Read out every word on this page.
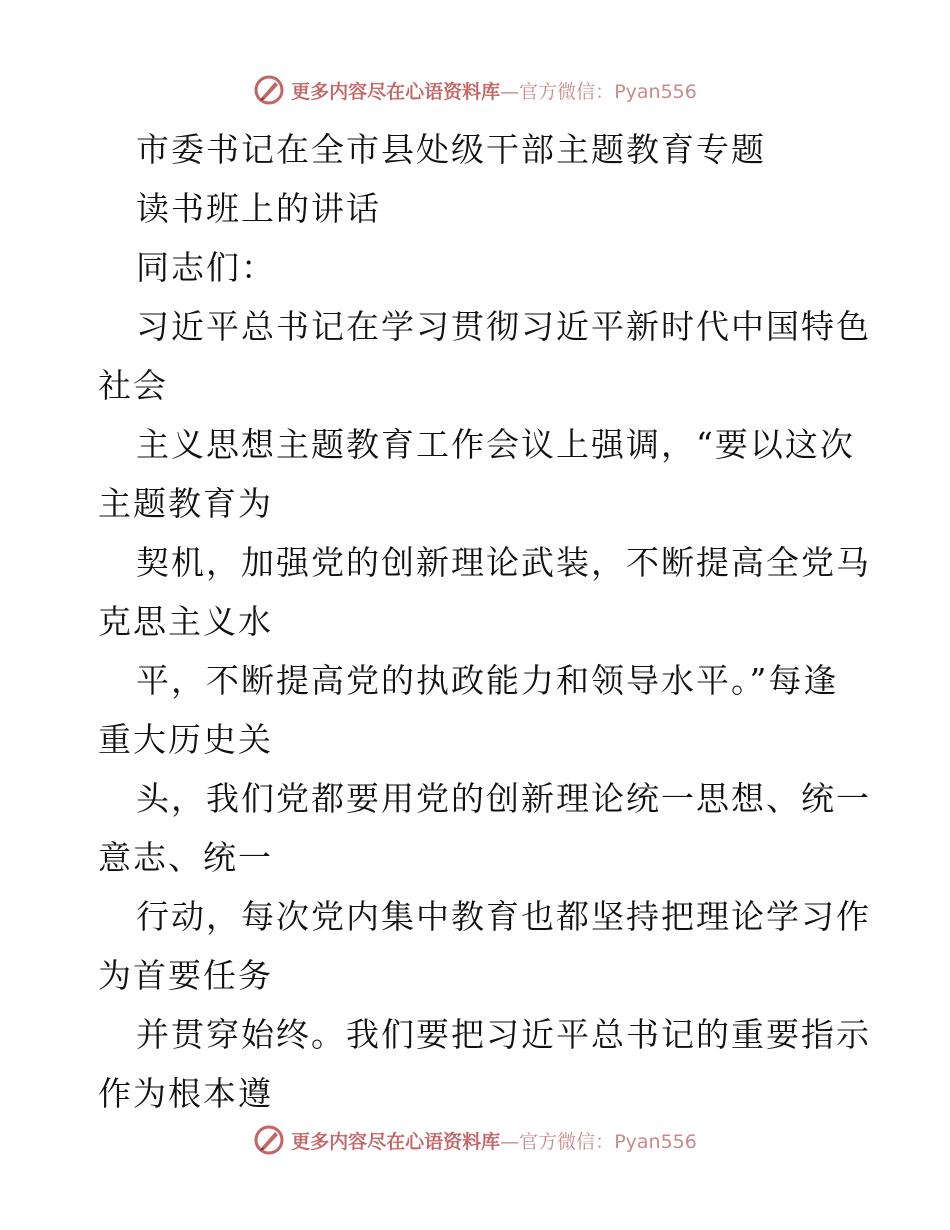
更多内容尽在心语资料库—官方微信：Pyan556
市委书记在全市县处级干部主题教育专题
读书班上的讲话
同志们：
习近平总书记在学习贯彻习近平新时代中国特色
社会
主义思想主题教育工作会议上强调，“要以这次
主题教育为
契机，加强党的创新理论武装，不断提高全党马
克思主义水
平，不断提高党的执政能力和领导水平。”每逢
重大历史关
头，我们党都要用党的创新理论统一思想、统一
意志、统一
行动，每次党内集中教育也都坚持把理论学习作
为首要任务
并贯穿始终。我们要把习近平总书记的重要指示
作为根本遵
更多内容尽在心语资料库—官方微信：Pyan556
